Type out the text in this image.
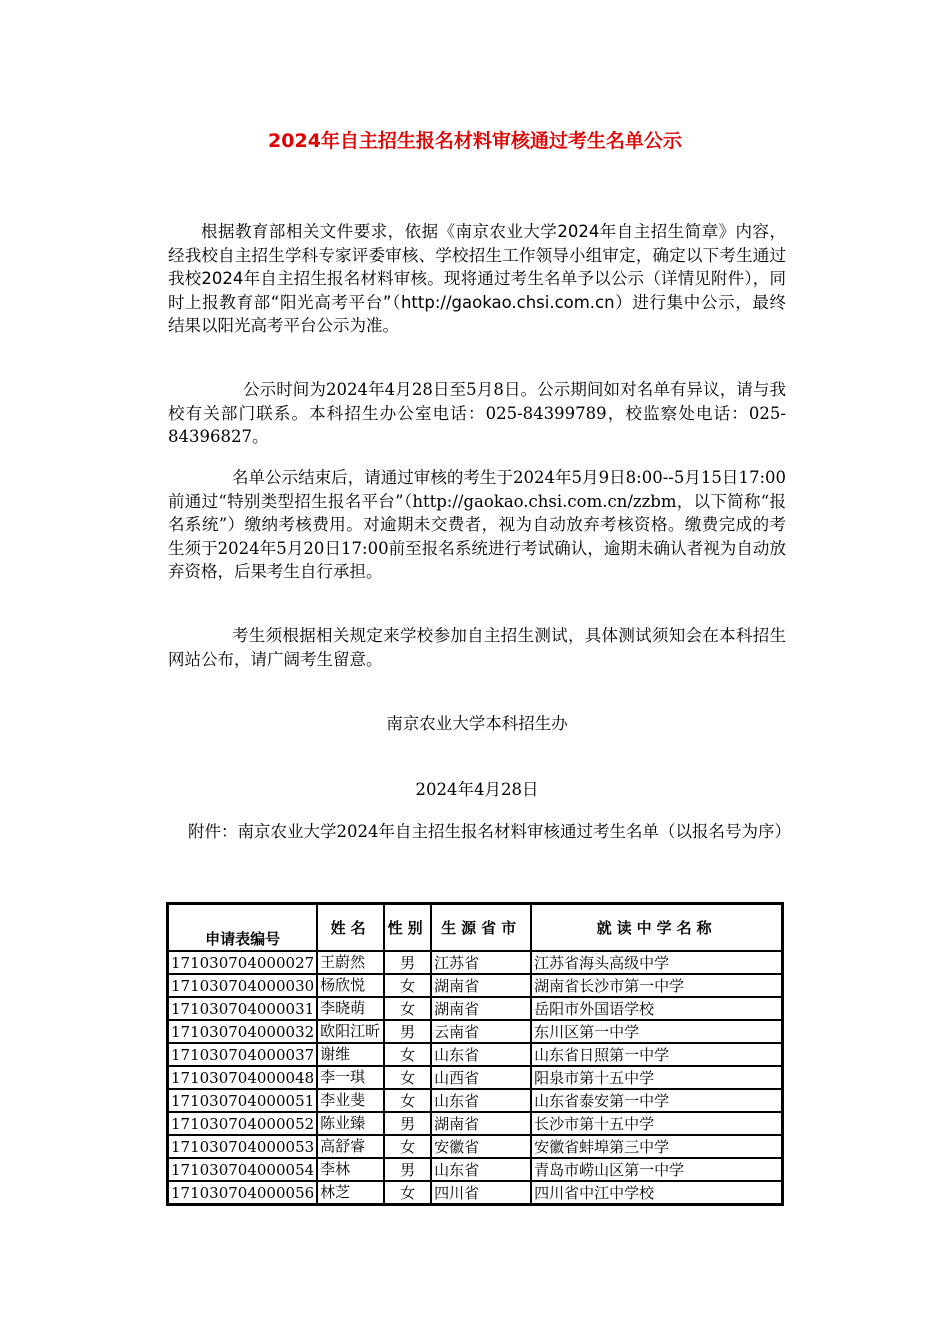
2024年自主招生报名材料审核通过考生名单公示

根据教育部相关文件要求，依据《南京农业大学2024年自主招生简章》内容，经我校自主招生学科专家评委审核、学校招生工作领导小组审定，确定以下考生通过我校2024年自主招生报名材料审核。现将通过考生名单予以公示（详情见附件），同时上报教育部“阳光高考平台”（http://gaokao.chsi.com.cn）进行集中公示，最终结果以阳光高考平台公示为准。

公示时间为2024年4月28日至5月8日。公示期间如对名单有异议，请与我校有关部门联系。本科招生办公室电话：025-84399789，校监察处电话：025-84396827。

名单公示结束后，请通过审核的考生于2024年5月9日8:00--5月15日17:00前通过“特别类型招生报名平台”（http://gaokao.chsi.com.cn/zzbm，以下简称“报名系统”）缴纳考核费用。对逾期未交费者，视为自动放弃考核资格。缴费完成的考生须于2024年5月20日17:00前至报名系统进行考试确认，逾期未确认者视为自动放弃资格，后果考生自行承担。

考生须根据相关规定来学校参加自主招生测试，具体测试须知会在本科招生网站公布，请广阔考生留意。

南京农业大学本科招生办
2024年4月28日

附件：南京农业大学2024年自主招生报名材料审核通过考生名单（以报名号为序）

申请表编号	姓名	性别	生源省市	就读中学名称
171030704000027	王蔚然	男	江苏省	江苏省海头高级中学
171030704000030	杨欣悦	女	湖南省	湖南省长沙市第一中学
171030704000031	李晓萌	女	湖南省	岳阳市外国语学校
171030704000032	欧阳江昕	男	云南省	东川区第一中学
171030704000037	谢维	女	山东省	山东省日照第一中学
171030704000048	李一琪	女	山西省	阳泉市第十五中学
171030704000051	李业斐	女	山东省	山东省泰安第一中学
171030704000052	陈业臻	男	湖南省	长沙市第十五中学
171030704000053	高舒睿	女	安徽省	安徽省蚌埠第三中学
171030704000054	李林	男	山东省	青岛市崂山区第一中学
171030704000056	林芝	女	四川省	四川省中江中学校
